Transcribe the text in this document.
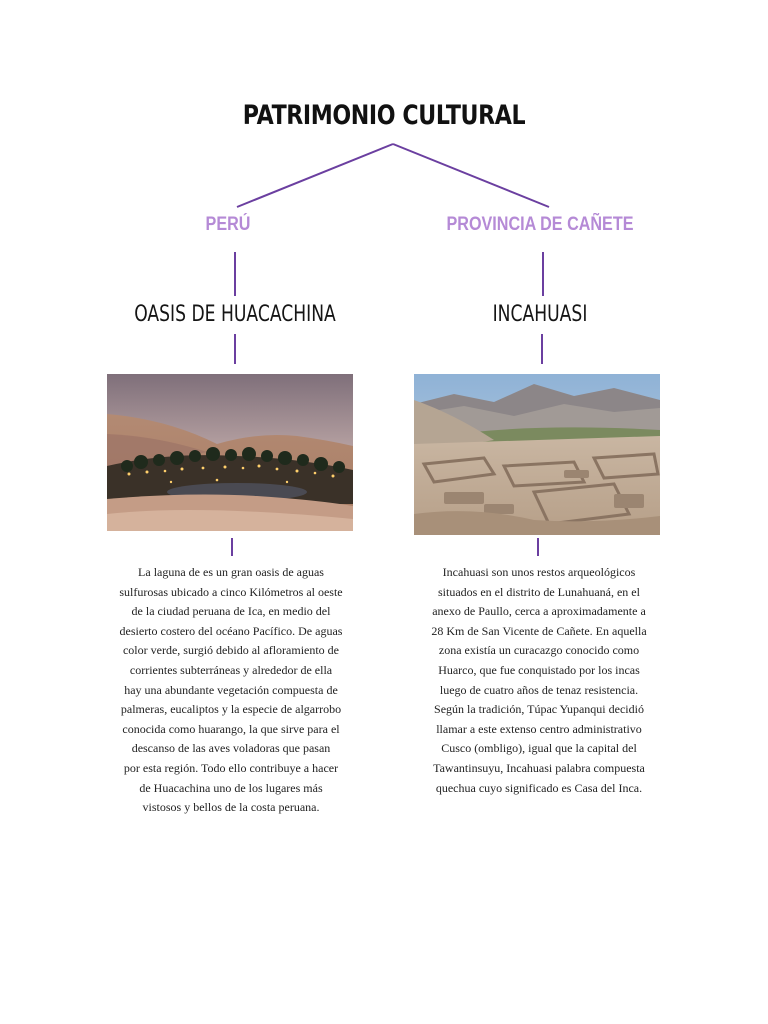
PATRIMONIO CULTURAL
PERÚ	PROVINCIA DE CAÑETE
OASIS DE HUACACHINA	INCAHUASI
La laguna de es un gran oasis de aguas
sulfurosas ubicado a cinco Kilómetros al oeste
de la ciudad peruana de Ica, en medio del
desierto costero del océano Pacífico. De aguas
color verde, surgió debido al afloramiento de
corrientes subterráneas y alrededor de ella
hay una abundante vegetación compuesta de
palmeras, eucaliptos y la especie de algarrobo
conocida como huarango, la que sirve para el
descanso de las aves voladoras que pasan
por esta región. Todo ello contribuye a hacer
de Huacachina uno de los lugares más
vistosos y bellos de la costa peruana.
Incahuasi son unos restos arqueológicos
situados en el distrito de Lunahuaná, en el
anexo de Paullo, cerca a aproximadamente a
28 Km de San Vicente de Cañete. En aquella
zona existía un curacazgo conocido como
Huarco, que fue conquistado por los incas
luego de cuatro años de tenaz resistencia.
Según la tradición, Túpac Yupanqui decidió
llamar a este extenso centro administrativo
Cusco (ombligo), igual que la capital del
Tawantinsuyu, Incahuasi palabra compuesta
quechua cuyo significado es Casa del Inca.
